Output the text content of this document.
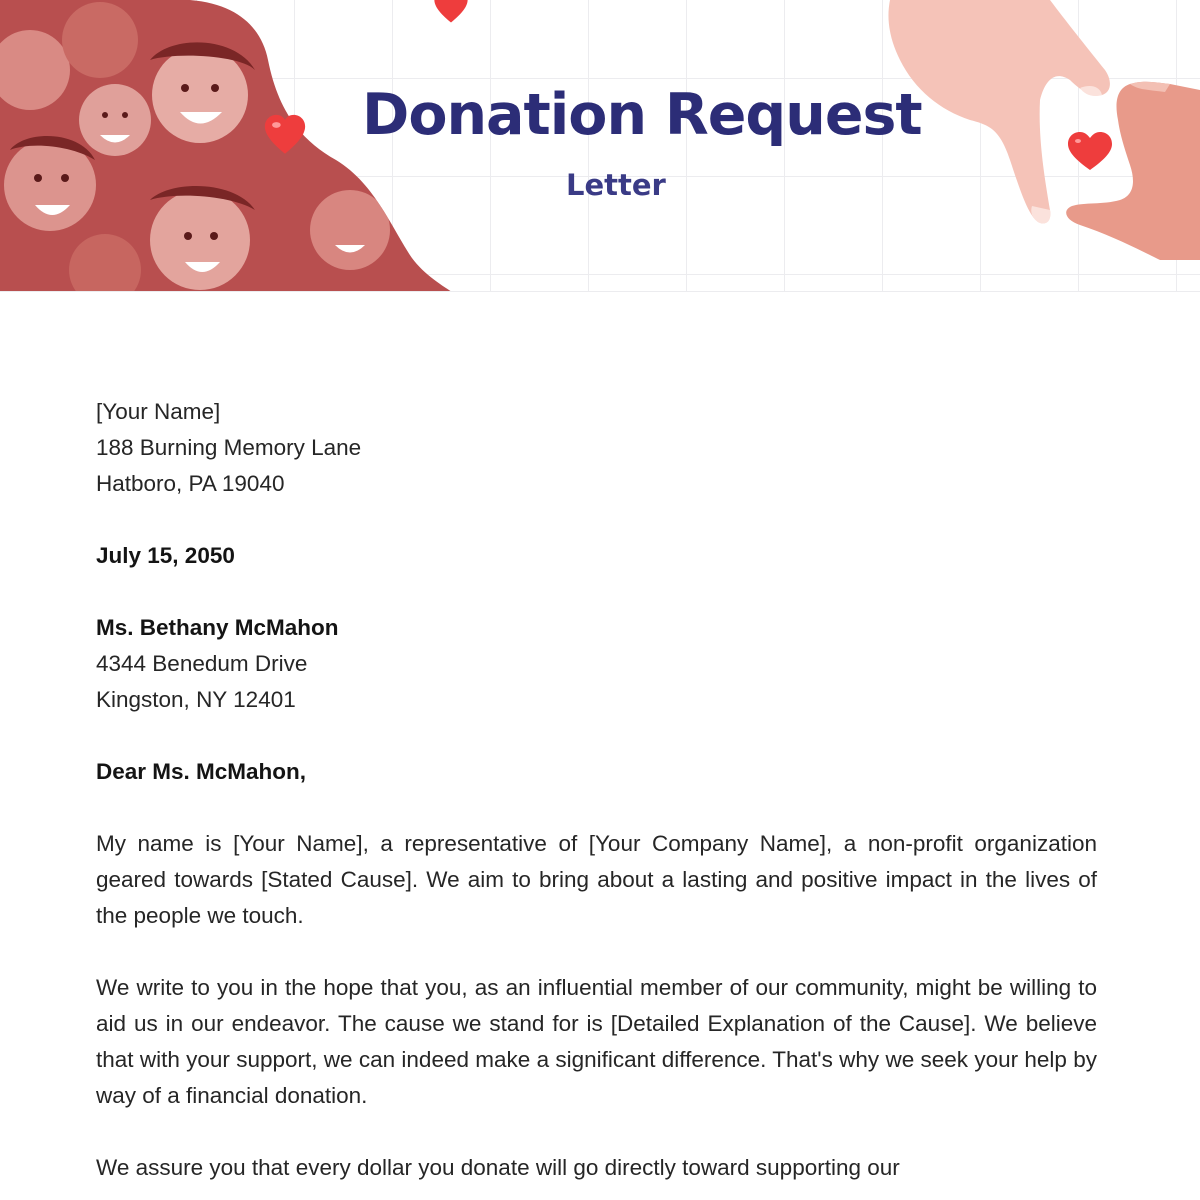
Donation Request
Letter

[Your Name]

188 Burning Memory Lane

Hatboro, PA 19040

July 15, 2050

Ms. Bethany McMahon

4344 Benedum Drive

Kingston, NY 12401

Dear Ms. McMahon,

My name is [Your Name], a representative of [Your Company Name], a non-profit organization geared towards [Stated Cause]. We aim to bring about a lasting and positive impact in the lives of the people we touch.

We write to you in the hope that you, as an influential member of our community, might be willing to aid us in our endeavor. The cause we stand for is [Detailed Explanation of the Cause]. We believe that with your support, we can indeed make a significant difference. That's why we seek your help by way of a financial donation.

We assure you that every dollar you donate will go directly toward supporting our
